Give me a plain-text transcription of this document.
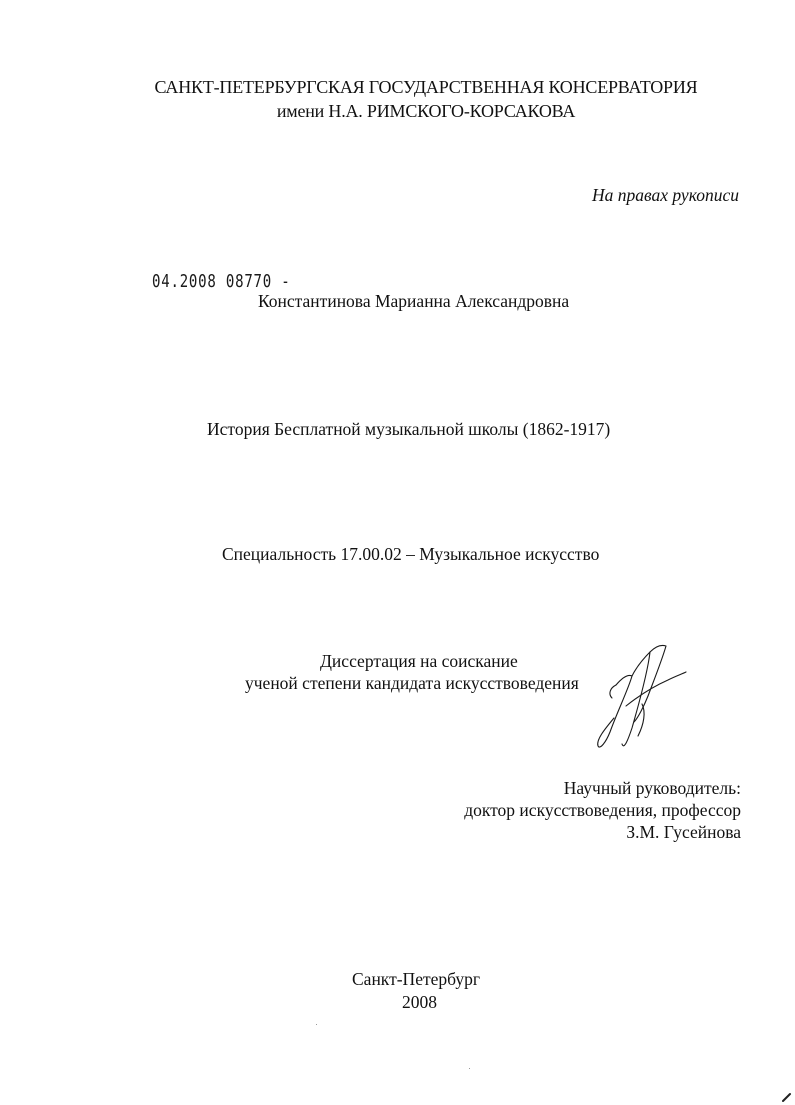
САНКТ-ПЕТЕРБУРГСКАЯ ГОСУДАРСТВЕННАЯ КОНСЕРВАТОРИЯ
имени Н.А. РИМСКОГО-КОРСАКОВА
На правах рукописи
04.2008 08770 -
Константинова Марианна Александровна
История Бесплатной музыкальной школы (1862-1917)
Специальность 17.00.02 – Музыкальное искусство
Диссертация на соискание
ученой степени кандидата искусствоведения
Научный руководитель:
доктор искусствоведения, профессор
З.М. Гусейнова
Санкт-Петербург
2008
